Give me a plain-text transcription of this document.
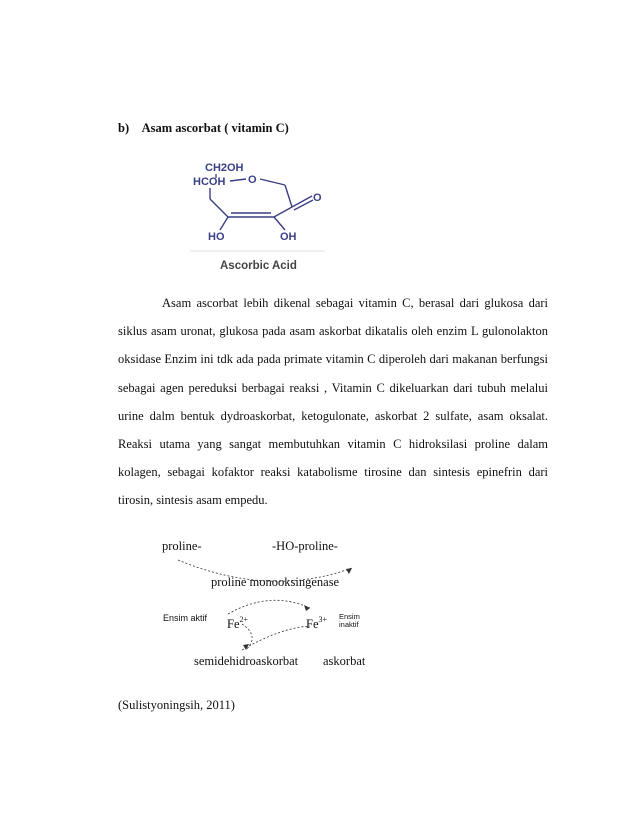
b) Asam ascorbat ( vitamin C)
CH2OH
HCOH O
O
HO	OH
Ascorbic Acid

Asam ascorbat lebih dikenal sebagai vitamin C, berasal dari glukosa dari siklus asam uronat, glukosa pada asam askorbat dikatalis oleh enzim L gulonolakton oksidase Enzim ini tdk ada pada primate vitamin C diperoleh dari makanan berfungsi sebagai agen pereduksi berbagai reaksi , Vitamin C dikeluarkan dari tubuh melalui urine dalm bentuk dydroaskorbat, ketogulonate, askorbat 2 sulfate, asam oksalat. Reaksi utama yang sangat membutuhkan vitamin C hidroksilasi proline dalam kolagen, sebagai kofaktor reaksi katabolisme tirosine dan sintesis epinefrin dari tirosin, sintesis asam empedu.

proline-	-HO-proline-
proline monooksingenase
Ensim aktif $Fe^{2+}$	$Fe^{3+}$ Ensim
inaktif
semidehidroaskorbat askorbat
(Sulistyoningsih, 2011)
